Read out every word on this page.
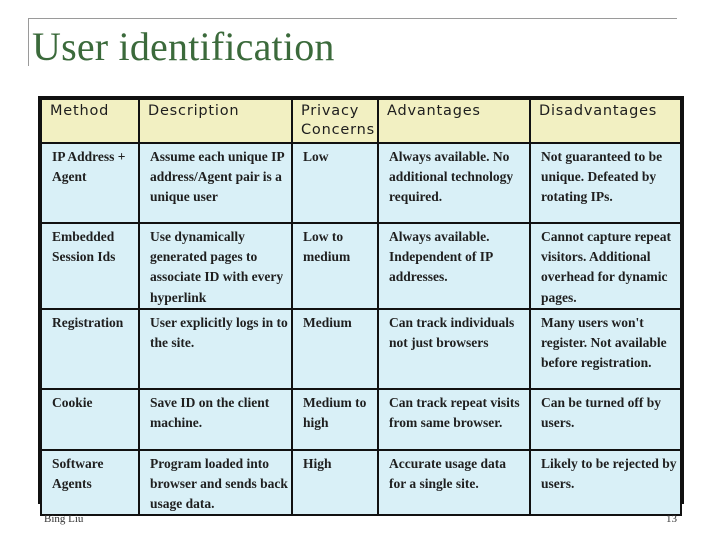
User identification
Method	Description	Privacy Concerns	Advantages	Disadvantages
IP Address + Agent	Assume each unique IP address/Agent pair is a unique user	Low	Always available. No additional technology required.	Not guaranteed to be unique. Defeated by rotating IPs.
Embedded Session Ids	Use dynamically generated pages to associate ID with every hyperlink	Low to medium	Always available. Independent of IP addresses.	Cannot capture repeat visitors. Additional overhead for dynamic pages.
Registration	User explicitly logs in to the site.	Medium	Can track individuals not just browsers	Many users won't register. Not available before registration.
Cookie	Save ID on the client machine.	Medium to high	Can track repeat visits from same browser.	Can be turned off by users.
Software Agents	Program loaded into browser and sends back usage data.	High	Accurate usage data for a single site.	Likely to be rejected by users.
Bing Liu	13
